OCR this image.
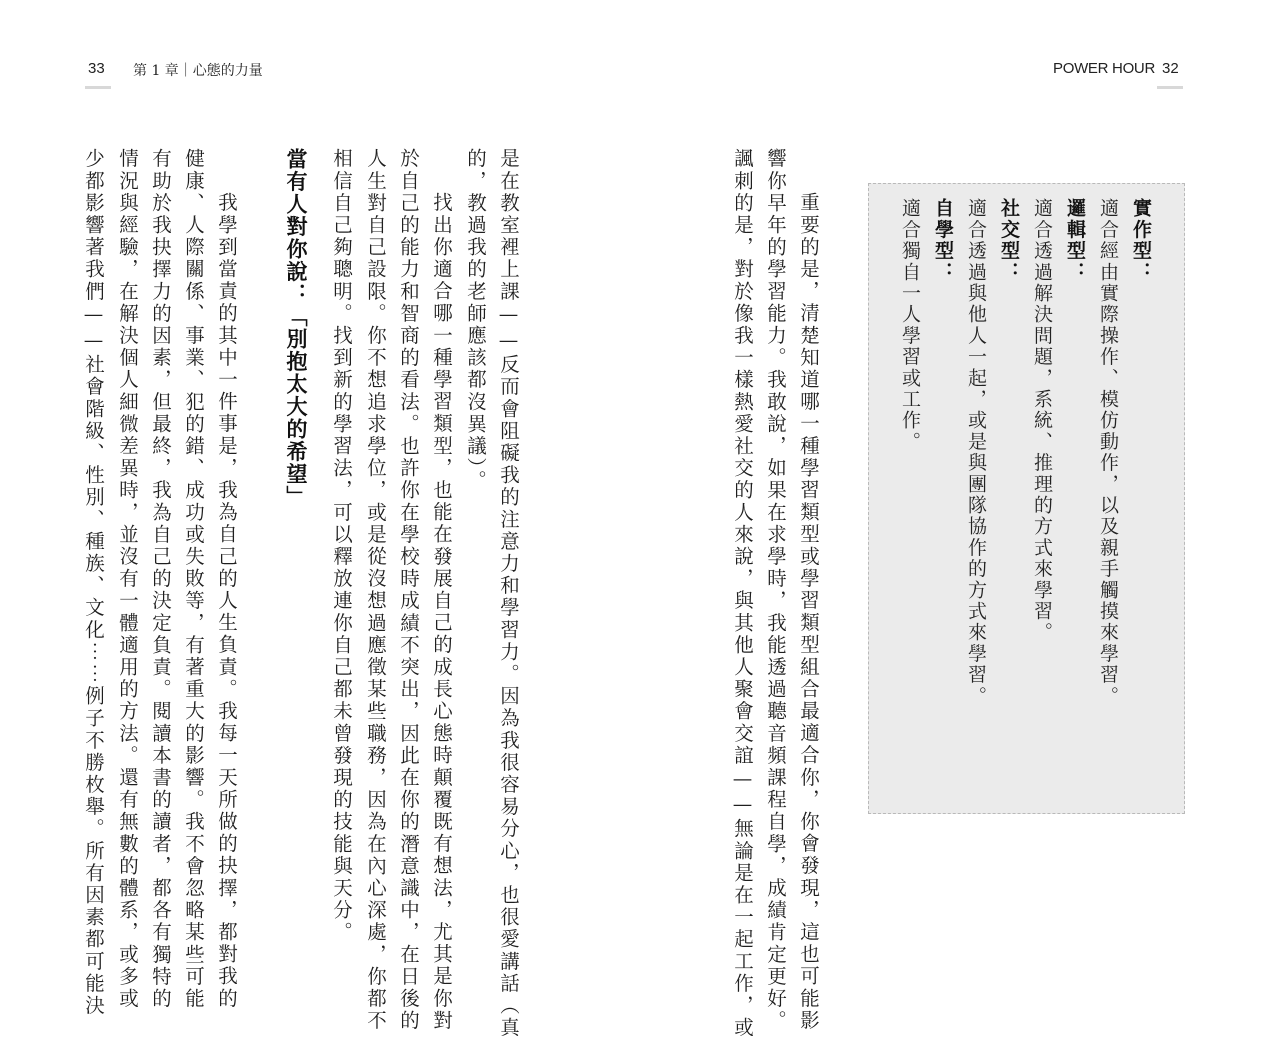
33 第 1 章｜心態的力量	POWER HOUR 32
是在教室裡上課——反而會阻礙我的注意力和學習力。因為我很容易分心，也很愛講話（真
的，教過我的老師應該都沒異議）。
找出你適合哪一種學習類型，也能在發展自己的成長心態時顛覆既有想法，尤其是你對
於自己的能力和智商的看法。也許你在學校時成績不突出，因此在你的潛意識中，在日後的
人生對自己設限。你不想追求學位，或是從沒想過應徵某些職務，因為在內心深處，你都不
相信自己夠聰明。找到新的學習法，可以釋放連你自己都未曾發現的技能與天分。
當有人對你說：「別抱太大的希望」
我學到當責的其中一件事是，我為自己的人生負責。我每一天所做的抉擇，都對我的
健康、人際關係、事業、犯的錯、成功或失敗等，有著重大的影響。我不會忽略某些可能
有助於我抉擇力的因素，但最終，我為自己的決定負責。閱讀本書的讀者，都各有獨特的
情況與經驗，在解決個人細微差異時，並沒有一體適用的方法。還有無數的體系，或多或
少都影響著我們——社會階級、性別、種族、文化⋯⋯例子不勝枚舉。所有因素都可能決	重要的是，清楚知道哪一種學習類型或學習類型組合最適合你，你會發現，這也可能影
響你早年的學習能力。我敢說，如果在求學時，我能透過聽音頻課程自學，成績肯定更好。
諷刺的是，對於像我一樣熱愛社交的人來說，與其他人聚會交誼——無論是在一起工作，或	實作型：
適合經由實際操作、模仿動作，以及親手觸摸來學習。
邏輯型：
適合透過解決問題，系統、推理的方式來學習。
社交型：
適合透過與他人一起，或是與團隊協作的方式來學習。
自學型：
適合獨自一人學習或工作。
